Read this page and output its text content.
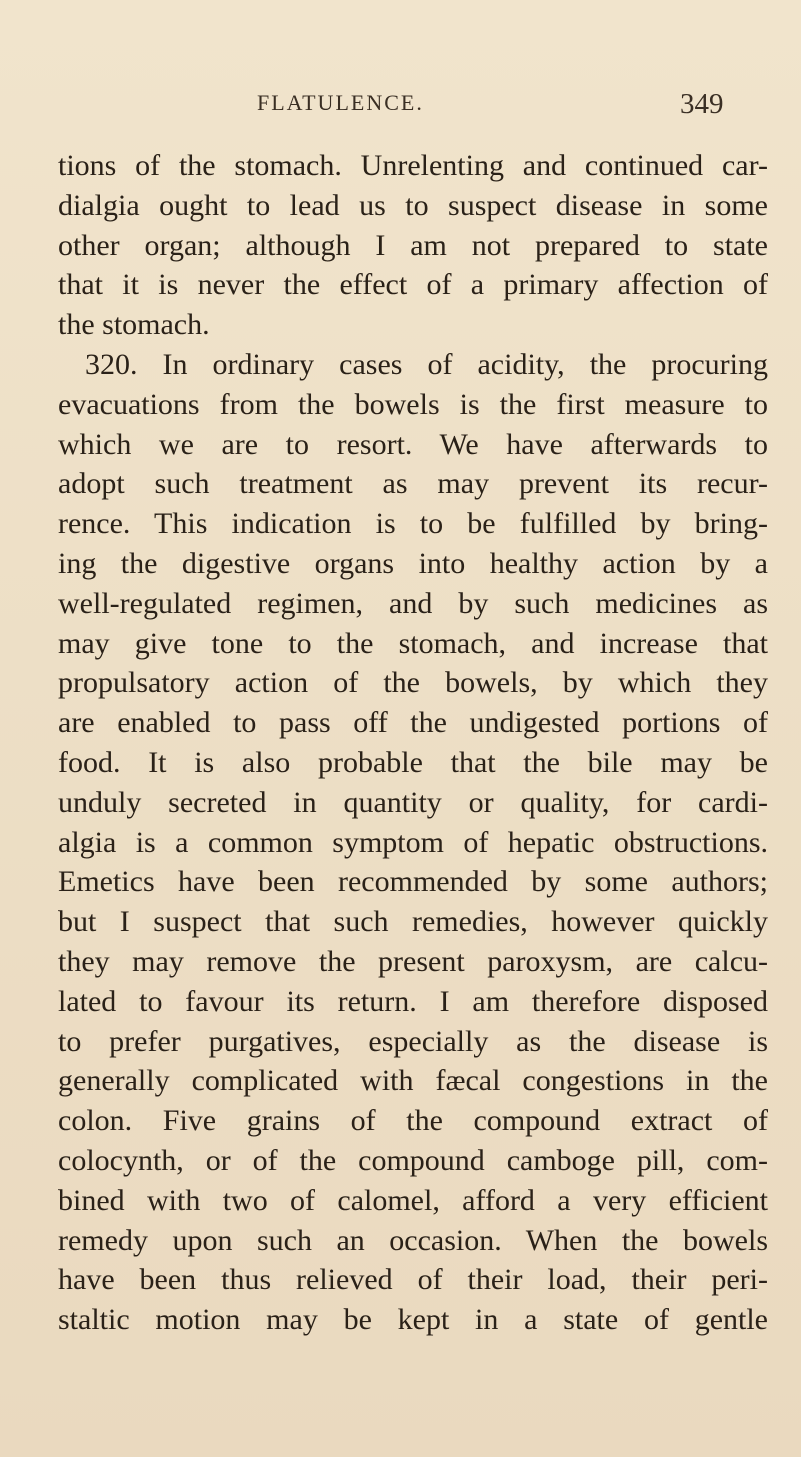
FLATULENCE.	349
tions of the stomach. Unrelenting and continued car-
dialgia ought to lead us to suspect disease in some
other organ; although I am not prepared to state
that it is never the effect of a primary affection of
the stomach.
320. In ordinary cases of acidity, the procuring
evacuations from the bowels is the first measure to
which we are to resort. We have afterwards to
adopt such treatment as may prevent its recur-
rence. This indication is to be fulfilled by bring-
ing the digestive organs into healthy action by a
well-regulated regimen, and by such medicines as
may give tone to the stomach, and increase that
propulsatory action of the bowels, by which they
are enabled to pass off the undigested portions of
food. It is also probable that the bile may be
unduly secreted in quantity or quality, for cardi-
algia is a common symptom of hepatic obstructions.
Emetics have been recommended by some authors;
but I suspect that such remedies, however quickly
they may remove the present paroxysm, are calcu-
lated to favour its return. I am therefore disposed
to prefer purgatives, especially as the disease is
generally complicated with fæcal congestions in the
colon. Five grains of the compound extract of
colocynth, or of the compound camboge pill, com-
bined with two of calomel, afford a very efficient
remedy upon such an occasion. When the bowels
have been thus relieved of their load, their peri-
staltic motion may be kept in a state of gentle
